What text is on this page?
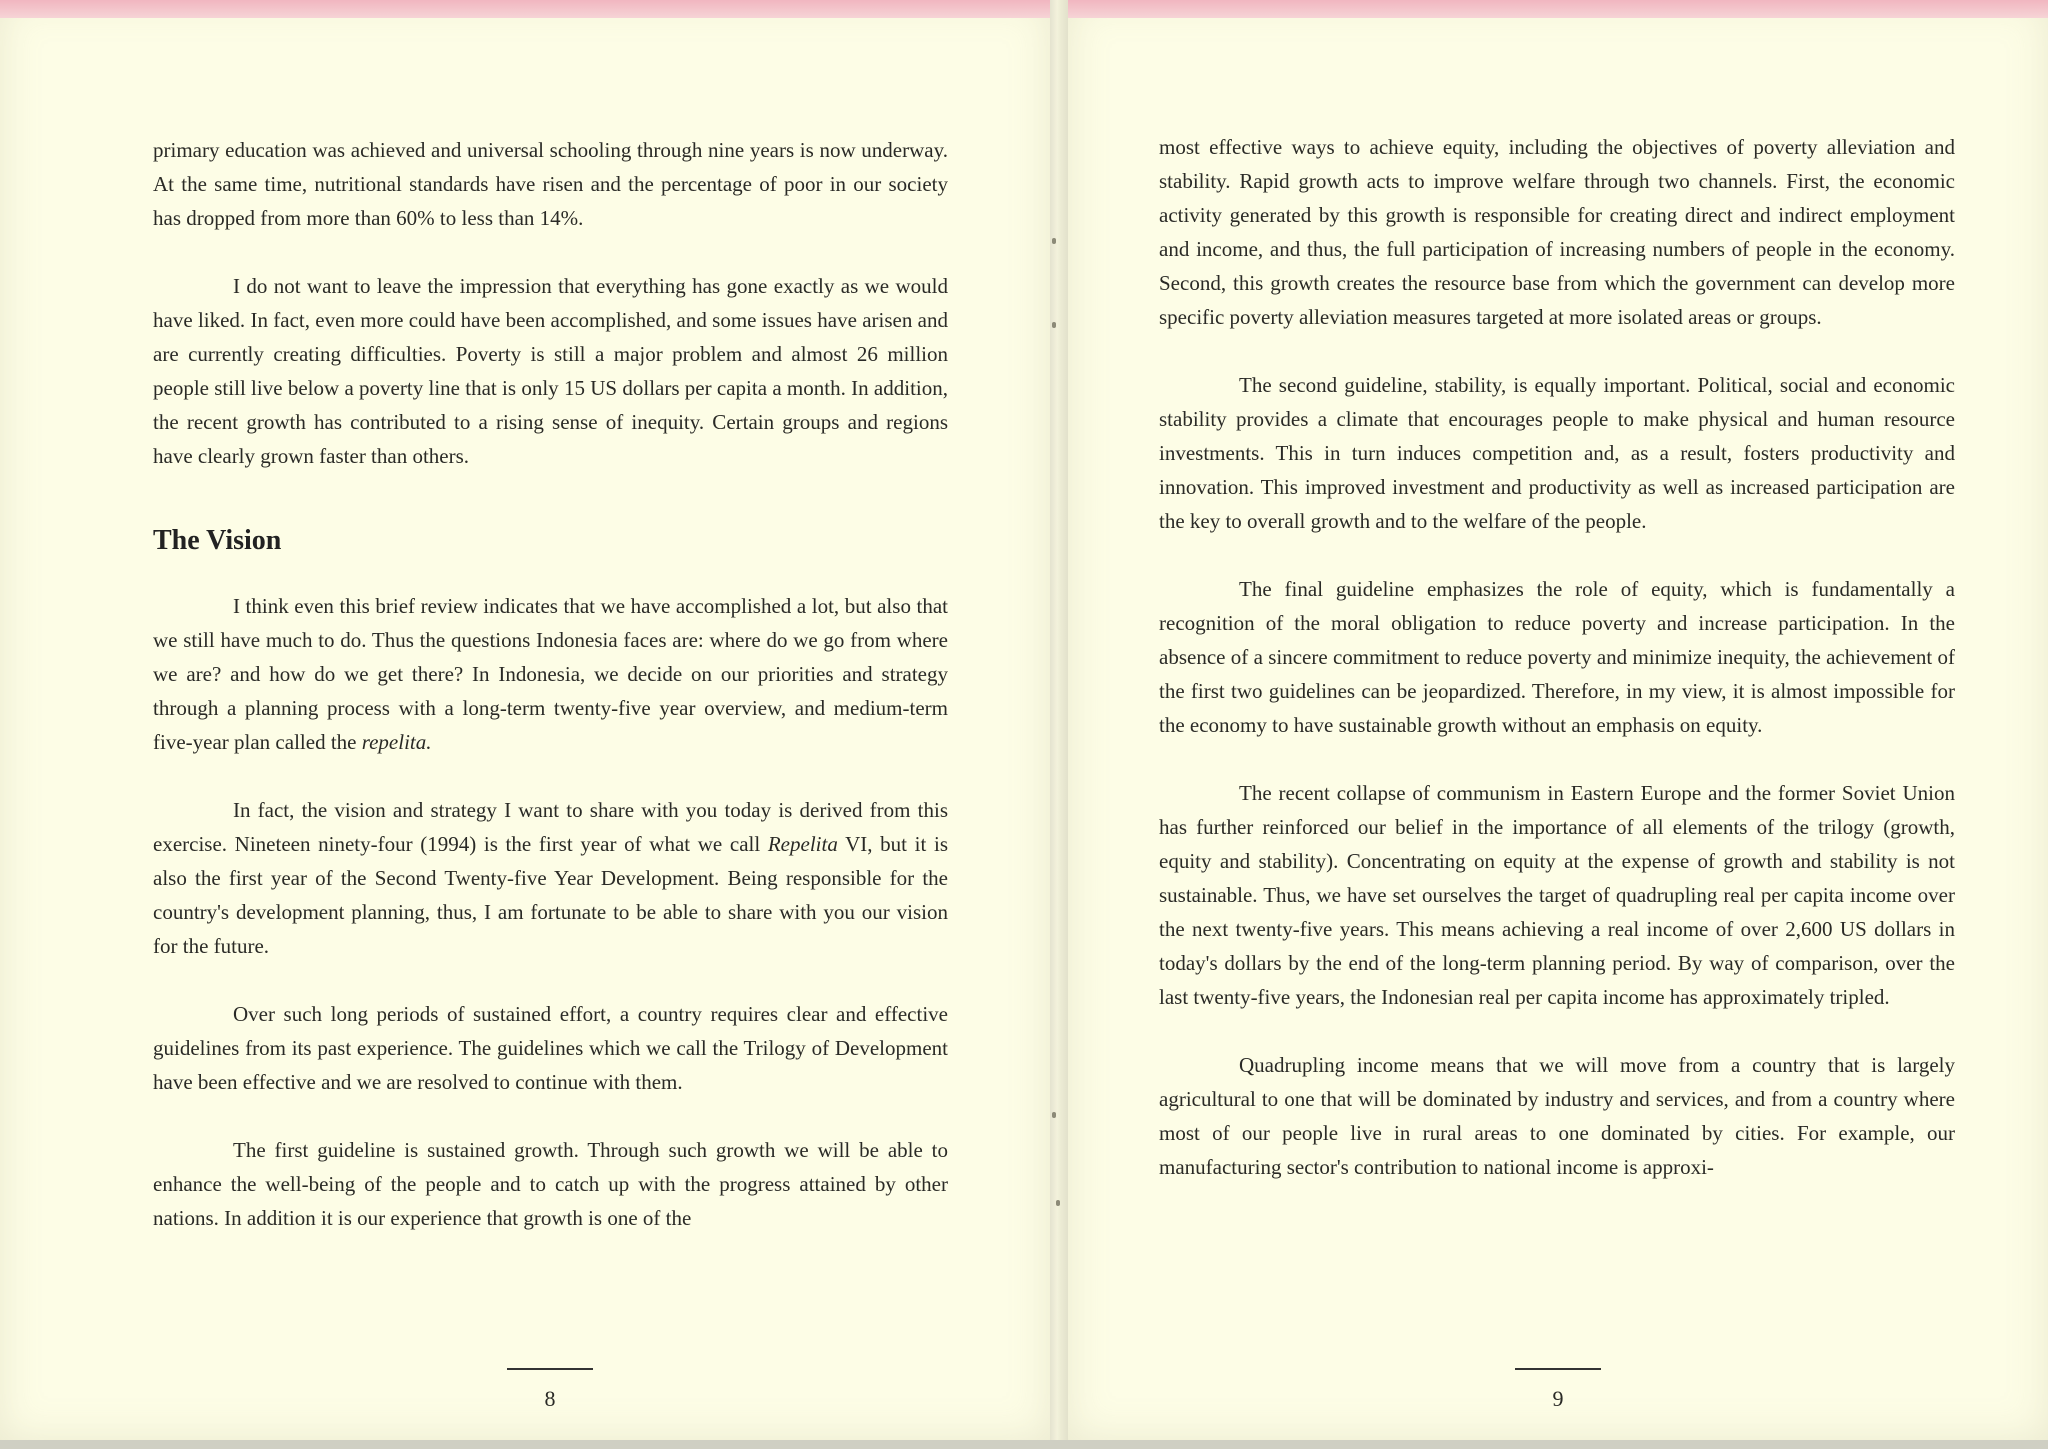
primary education was achieved and universal schooling through nine years is now underway. At the same time, nutritional standards have risen and the percentage of poor in our society has dropped from more than 60% to less than 14%.

I do not want to leave the impression that everything has gone exactly as we would have liked. In fact, even more could have been accomplished, and some issues have arisen and are currently creating difficulties. Poverty is still a major problem and almost 26 million people still live below a poverty line that is only 15 US dollars per capita a month. In addition, the recent growth has contributed to a rising sense of inequity. Certain groups and regions have clearly grown faster than others.

The Vision

I think even this brief review indicates that we have accomplished a lot, but also that we still have much to do. Thus the questions Indonesia faces are: where do we go from where we are? and how do we get there? In Indonesia, we decide on our priorities and strategy through a planning process with a long-term twenty-five year overview, and medium-term five-year plan called the repelita.

In fact, the vision and strategy I want to share with you today is derived from this exercise. Nineteen ninety-four (1994) is the first year of what we call Repelita VI, but it is also the first year of the Second Twenty-five Year Development. Being responsible for the country's development planning, thus, I am fortunate to be able to share with you our vision for the future.

Over such long periods of sustained effort, a country requires clear and effective guidelines from its past experience. The guidelines which we call the Trilogy of Development have been effective and we are resolved to continue with them.

The first guideline is sustained growth. Through such growth we will be able to enhance the well-being of the people and to catch up with the progress attained by other nations. In addition it is our experience that growth is one of the

8

most effective ways to achieve equity, including the objectives of poverty alleviation and stability. Rapid growth acts to improve welfare through two channels. First, the economic activity generated by this growth is responsible for creating direct and indirect employment and income, and thus, the full participation of increasing numbers of people in the economy. Second, this growth creates the resource base from which the government can develop more specific poverty alleviation measures targeted at more isolated areas or groups.

The second guideline, stability, is equally important. Political, social and economic stability provides a climate that encourages people to make physical and human resource investments. This in turn induces competition and, as a result, fosters productivity and innovation. This improved investment and productivity as well as increased participation are the key to overall growth and to the welfare of the people.

The final guideline emphasizes the role of equity, which is fundamentally a recognition of the moral obligation to reduce poverty and increase participation. In the absence of a sincere commitment to reduce poverty and minimize inequity, the achievement of the first two guidelines can be jeopardized. Therefore, in my view, it is almost impossible for the economy to have sustainable growth without an emphasis on equity.

The recent collapse of communism in Eastern Europe and the former Soviet Union has further reinforced our belief in the importance of all elements of the trilogy (growth, equity and stability). Concentrating on equity at the expense of growth and stability is not sustainable. Thus, we have set ourselves the target of quadrupling real per capita income over the next twenty-five years. This means achieving a real income of over 2,600 US dollars in today's dollars by the end of the long-term planning period. By way of comparison, over the last twenty-five years, the Indonesian real per capita income has approximately tripled.

Quadrupling income means that we will move from a country that is largely agricultural to one that will be dominated by industry and services, and from a country where most of our people live in rural areas to one dominated by cities. For example, our manufacturing sector's contribution to national income is approxi-

9
